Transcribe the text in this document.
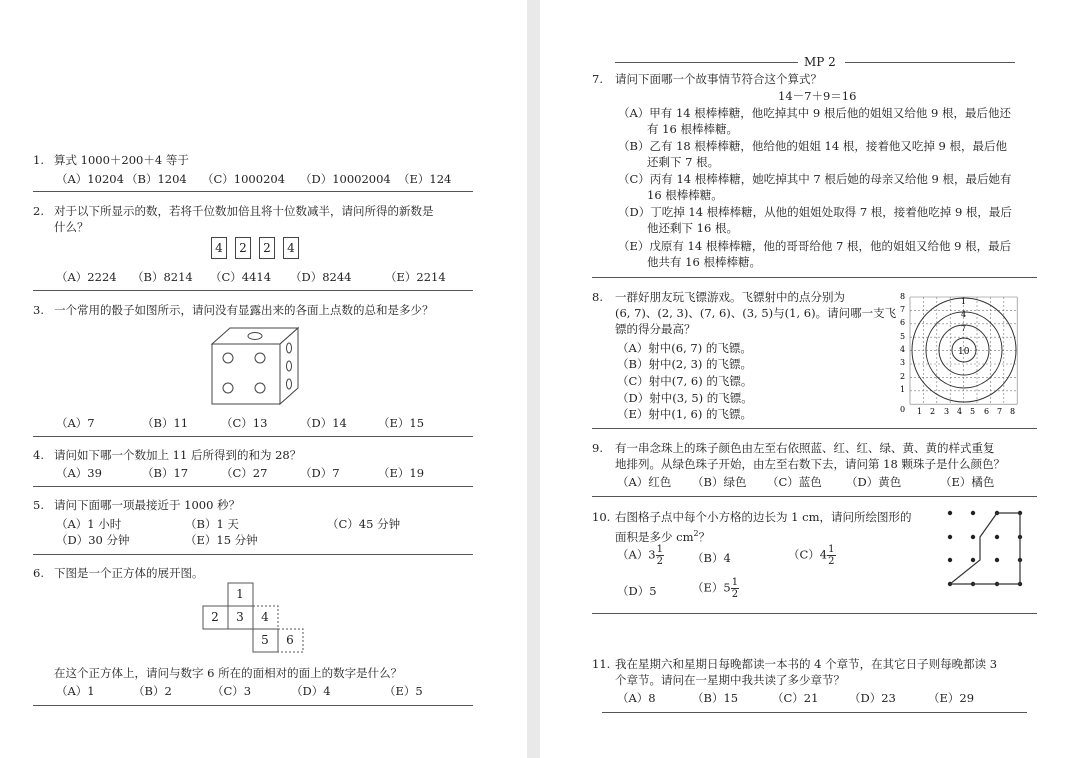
1. 算式 1000＋200＋4 等于
（A）10204 （B）1204 （C）1000204 （D）10002004 （E）124
2. 对于以下所显示的数，若将千位数加倍且将十位数减半，请问所得的新数是
什么？
4	2	2	4
（A）2224 （B）8214 （C）4414 （D）8244	（E）2214
3. 一个常用的骰子如图所示，请问没有显露出来的各面上点数的总和是多少？
（A）7	（B）11	（C）13	（D）14	（E）15
4. 请问如下哪一个数加上 11 后所得到的和为 28？
（A）39	（B）17	（C）27	（D）7	（E）19
5. 请问下面哪一项最接近于 1000 秒？
（A）1 小时	（B）1 天	（C）45 分钟
（D）30 分钟	（E）15 分钟
6. 下图是一个正方体的展开图。
1
2	3	4
5	6
在这个正方体上，请问与数字 6 所在的面相对的面上的数字是什么？
（A）1	（B）2	（C）3	（D）4	（E）5
MP 2
7. 请问下面哪一个故事情节符合这个算式？
14－7＋9＝16
（A）甲有 14 根棒棒糖，他吃掉其中 9 根后他的姐姐又给他 9 根，最后他还
有 16 根棒棒糖。
（B）乙有 18 根棒棒糖，他给他的姐姐 14 根，接着他又吃掉 9 根，最后他
还剩下 7 根。
（C）丙有 14 根棒棒糖，她吃掉其中 7 根后她的母亲又给他 9 根，最后她有
16 根棒棒糖。
（D）丁吃掉 14 根棒棒糖，从他的姐姐处取得 7 根，接着他吃掉 9 根，最后
他还剩下 16 根。
（E）戊原有 14 根棒棒糖，他的哥哥给他 7 根，他的姐姐又给他 9 根，最后
他共有 16 根棒棒糖。
8. 一群好朋友玩飞镖游戏。飞镖射中的点分别为
(6, 7)、(2, 3)、(7, 6)、(3, 5)与(1, 6)。请问哪一支飞
镖的得分最高？
（A）射中(6, 7) 的飞镖。
（B）射中(2, 3) 的飞镖。
（C）射中(7, 6) 的飞镖。
（D）射中(3, 5) 的飞镖。
（E）射中(1, 6) 的飞镖。
1
4
7
10
8
7
6
5
4
3
2
1
0 1 2 3 4 5 6 7 8
9. 有一串念珠上的珠子颜色由左至右依照蓝、红、红、绿、黄、黄的样式重复
地排列。从绿色珠子开始，由左至右数下去，请问第 18 颗珠子是什么颜色？
（A）红色 （B）绿色 （C）蓝色 （D）黄色	（E）橘色
10. 右图格子点中每个小方格的边长为 1 cm，请问所绘图形的
面积是多少 $cm^2$？
$(A)3 \frac{1}{2} (B)4$	$(C)4 \frac{1}{2}$
（D）5	$(E)5 \frac{1}{2}$
11. 我在星期六和星期日每晚都读一本书的 4 个章节，在其它日子则每晚都读 3
个章节。请问在一星期中我共读了多少章节？
（A）8	（B）15	（C）21	（D）23	（E）29
